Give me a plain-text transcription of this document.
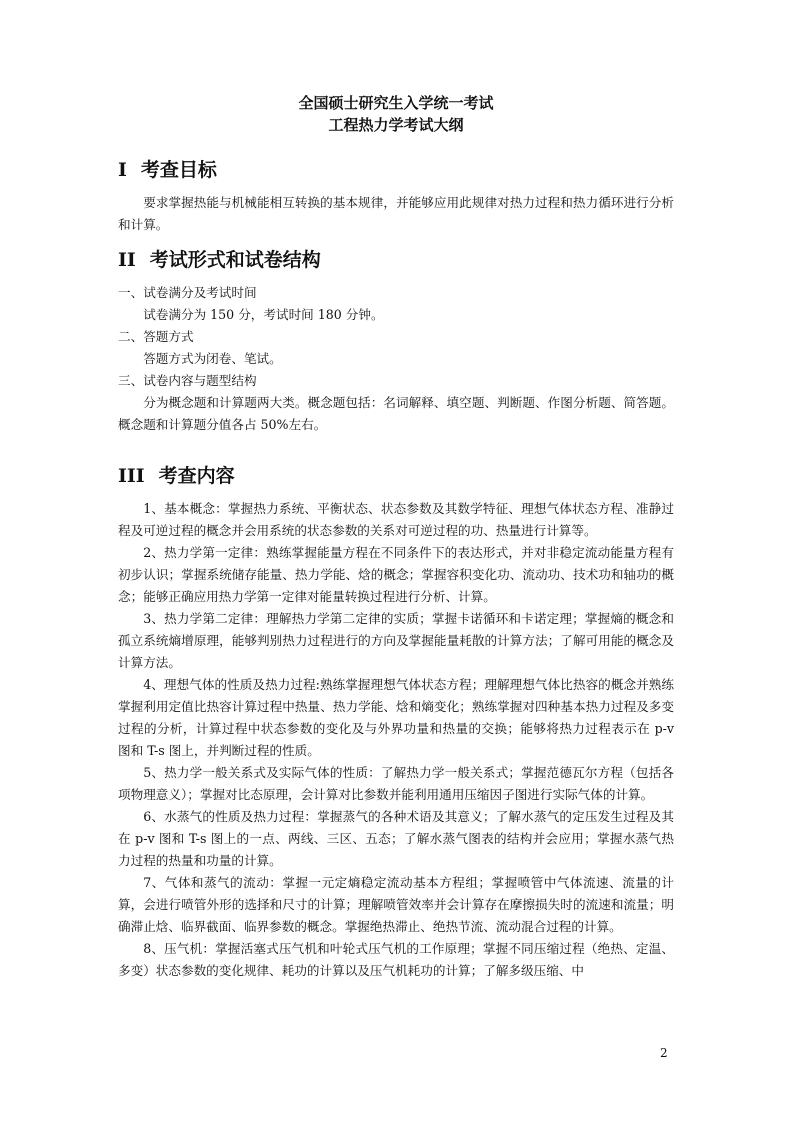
全国硕士研究生入学统一考试

工程热力学考试大纲

I 考查目标

要求掌握热能与机械能相互转换的基本规律，并能够应用此规律对热力过程和热力循环进行分析和计算。

II 考试形式和试卷结构

一、试卷满分及考试时间

试卷满分为 150 分，考试时间 180 分钟。

二、答题方式

答题方式为闭卷、笔试。

三、试卷内容与题型结构

分为概念题和计算题两大类。概念题包括：名词解释、填空题、判断题、作图分析题、简答题。概念题和计算题分值各占 50%左右。

III 考查内容

1、基本概念：掌握热力系统、平衡状态、状态参数及其数学特征、理想气体状态方程、准静过程及可逆过程的概念并会用系统的状态参数的关系对可逆过程的功、热量进行计算等。

2、热力学第一定律：熟练掌握能量方程在不同条件下的表达形式，并对非稳定流动能量方程有初步认识；掌握系统储存能量、热力学能、焓的概念；掌握容积变化功、流动功、技术功和轴功的概念；能够正确应用热力学第一定律对能量转换过程进行分析、计算。

3、热力学第二定律：理解热力学第二定律的实质；掌握卡诺循环和卡诺定理；掌握熵的概念和孤立系统熵增原理，能够判别热力过程进行的方向及掌握能量耗散的计算方法；了解可用能的概念及计算方法。

4、理想气体的性质及热力过程:熟练掌握理想气体状态方程；理解理想气体比热容的概念并熟练掌握利用定值比热容计算过程中热量、热力学能、焓和熵变化；熟练掌握对四种基本热力过程及多变过程的分析，计算过程中状态参数的变化及与外界功量和热量的交换；能够将热力过程表示在 p-v 图和 T-s 图上，并判断过程的性质。

5、热力学一般关系式及实际气体的性质：了解热力学一般关系式；掌握范德瓦尔方程（包括各项物理意义）；掌握对比态原理，会计算对比参数并能利用通用压缩因子图进行实际气体的计算。

6、水蒸气的性质及热力过程：掌握蒸气的各种术语及其意义；了解水蒸气的定压发生过程及其在 p-v 图和 T-s 图上的一点、两线、三区、五态；了解水蒸气图表的结构并会应用；掌握水蒸气热力过程的热量和功量的计算。

7、气体和蒸气的流动：掌握一元定熵稳定流动基本方程组；掌握喷管中气体流速、流量的计算，会进行喷管外形的选择和尺寸的计算；理解喷管效率并会计算存在摩擦损失时的流速和流量；明确滞止焓、临界截面、临界参数的概念。掌握绝热滞止、绝热节流、流动混合过程的计算。

8、压气机：掌握活塞式压气机和叶轮式压气机的工作原理；掌握不同压缩过程（绝热、定温、多变）状态参数的变化规律、耗功的计算以及压气机耗功的计算；了解多级压缩、中

2
